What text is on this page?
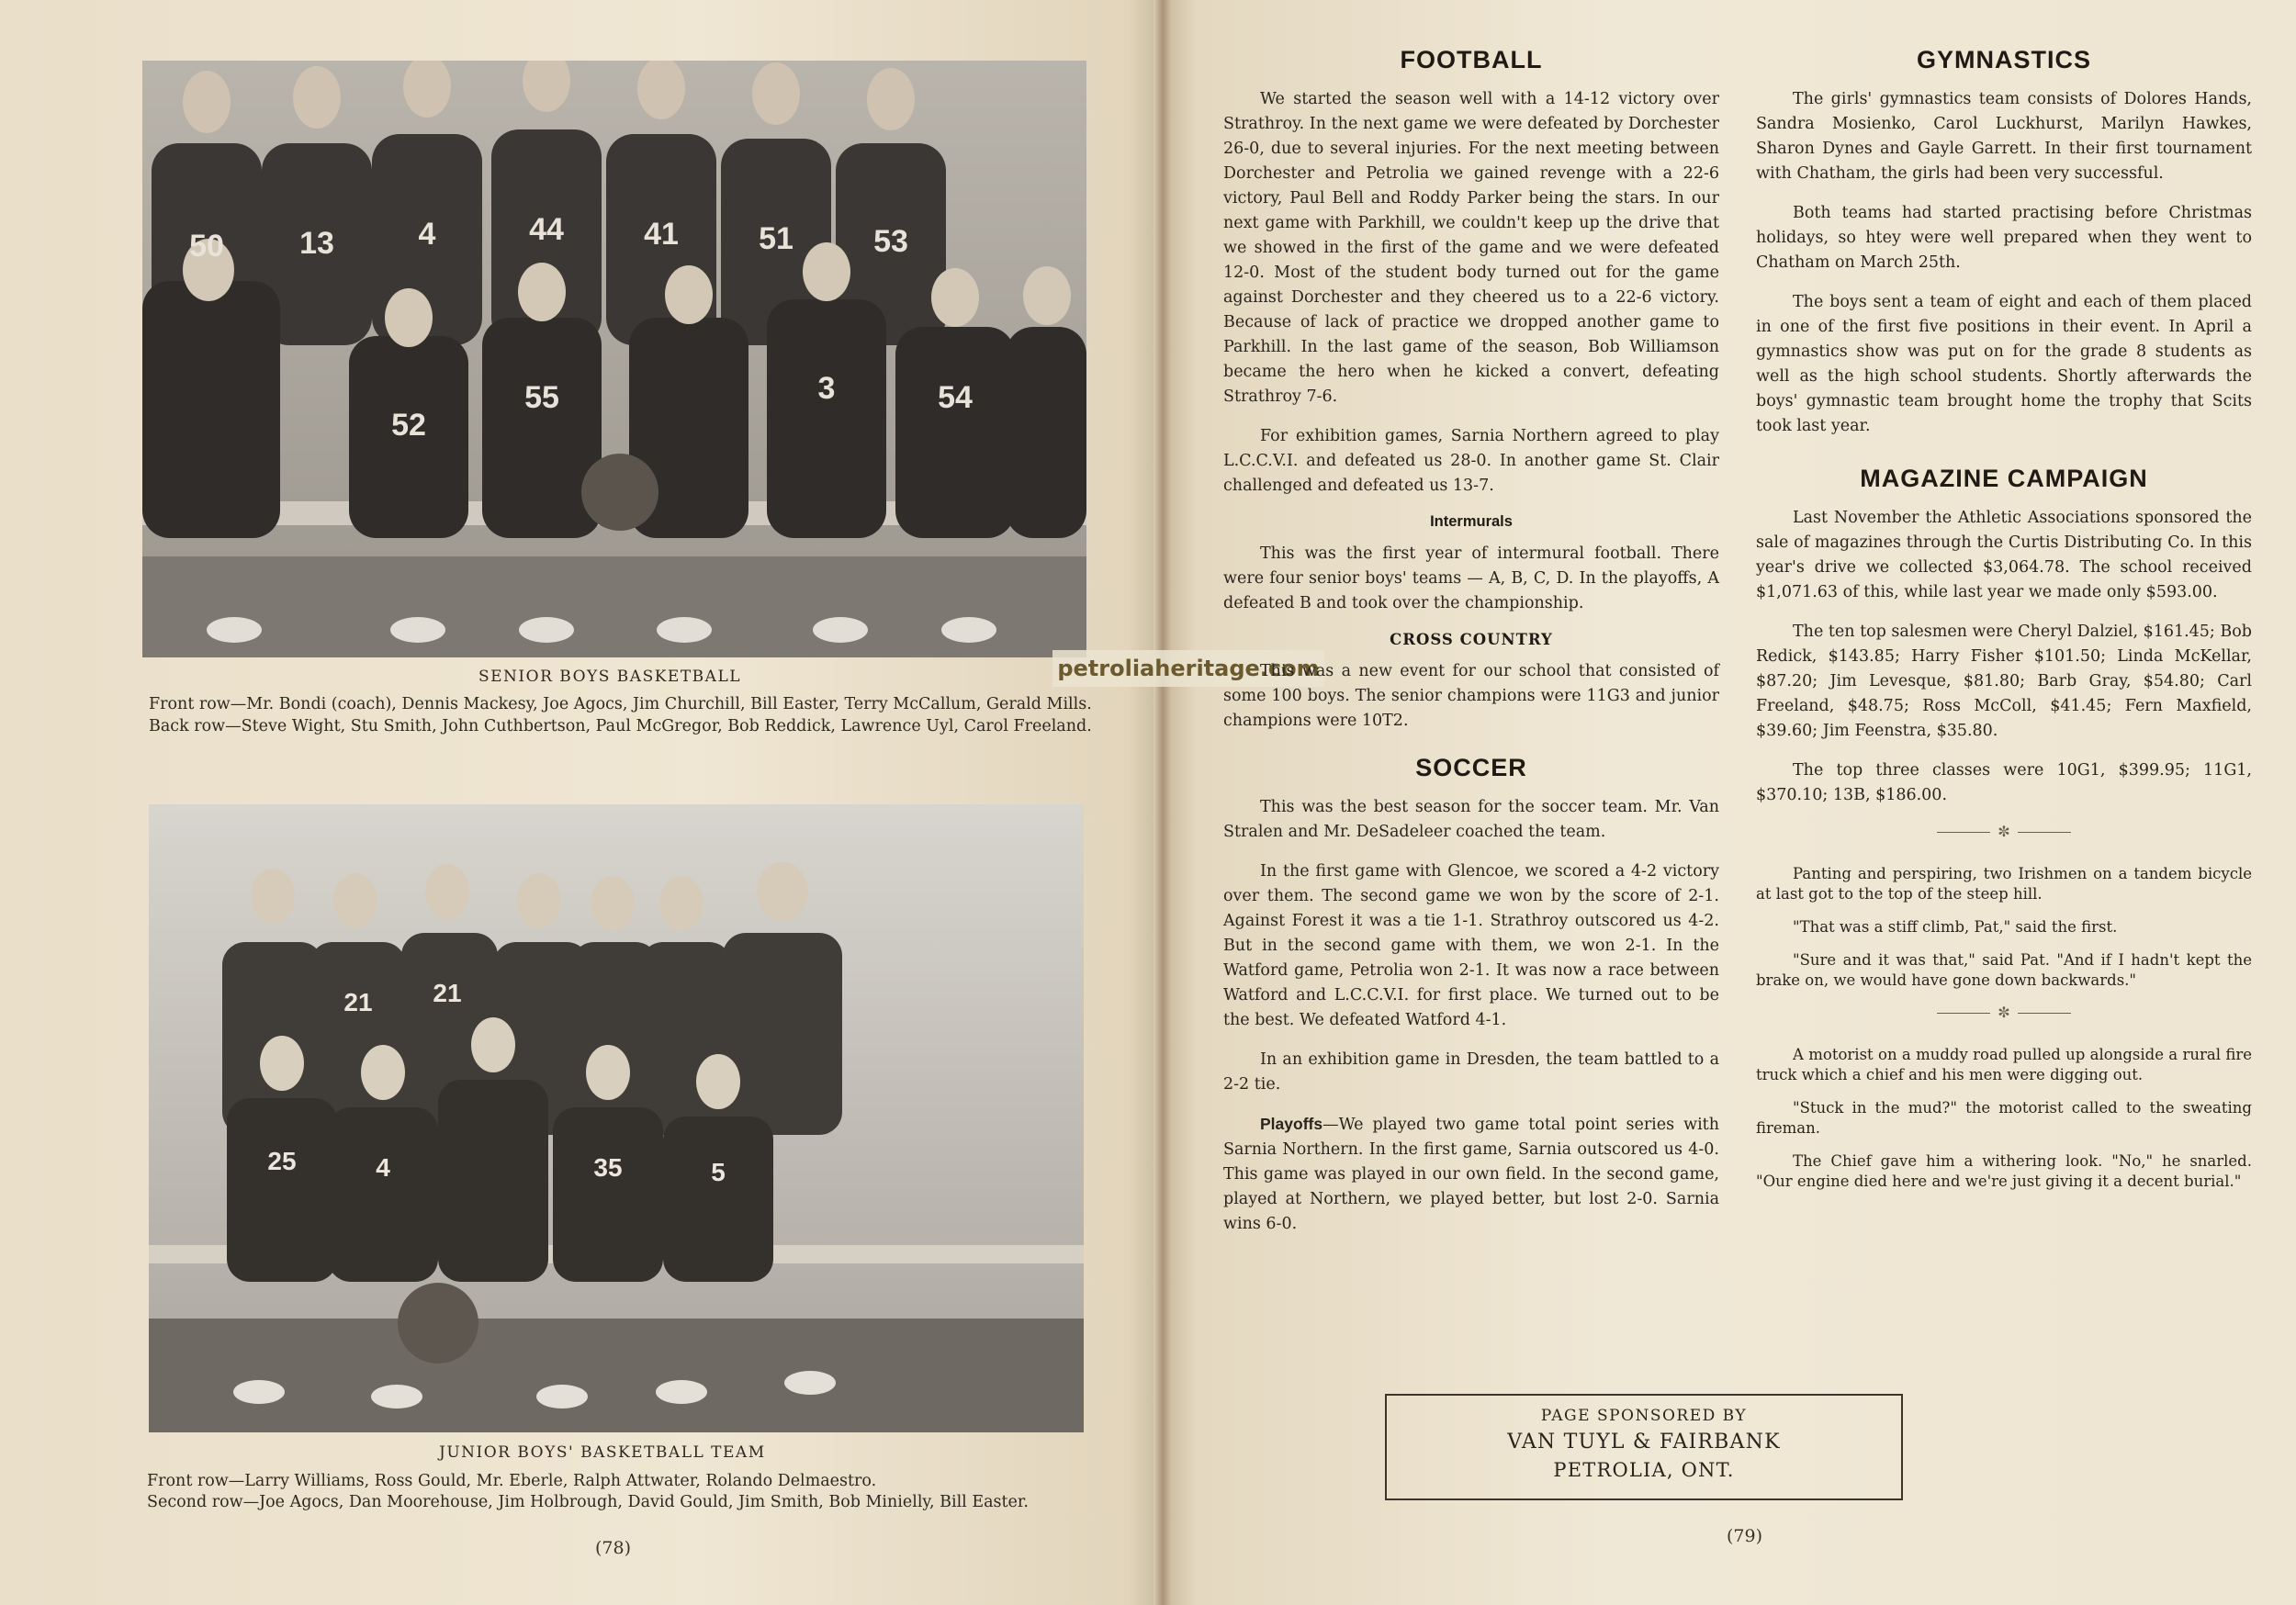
50 13	4	44	41	51	53
52
55	3	54
SENIOR BOYS BASKETBALL
Front row—Mr. Bondi (coach), Dennis Mackesy, Joe Agocs, Jim Churchill, Bill Easter, Terry McCallum, Gerald Mills.
Back row—Steve Wight, Stu Smith, John Cuthbertson, Paul McGregor, Bob Reddick, Lawrence Uyl, Carol Freeland.
21 21
25	4	35	5
JUNIOR BOYS' BASKETBALL TEAM
Front row—Larry Williams, Ross Gould, Mr. Eberle, Ralph Attwater, Rolando Delmaestro.
Second row—Joe Agocs, Dan Moorehouse, Jim Holbrough, David Gould, Jim Smith, Bob Minielly, Bill Easter.
(78)
petroliaheritage.com
FOOTBALL

We started the season well with a 14-12 victory over Strathroy. In the next game we were defeated by Dorchester 26-0, due to several injuries. For the next meeting between Dorchester and Petrolia we gained revenge with a 22-6 victory, Paul Bell and Roddy Parker being the stars. In our next game with Parkhill, we couldn't keep up the drive that we showed in the first of the game and we were defeated 12-0. Most of the student body turned out for the game against Dorchester and they cheered us to a 22-6 victory. Because of lack of practice we dropped another game to Parkhill. In the last game of the season, Bob Williamson became the hero when he kicked a convert, defeating Strathroy 7-6.

For exhibition games, Sarnia Northern agreed to play L.C.C.V.I. and defeated us 28-0. In another game St. Clair challenged and defeated us 13-7.

Intermurals

This was the first year of intermural football. There were four senior boys' teams — A, B, C, D. In the playoffs, A defeated B and took over the championship.

CROSS COUNTRY

This was a new event for our school that consisted of some 100 boys. The senior champions were 11G3 and junior champions were 10T2.

SOCCER

This was the best season for the soccer team. Mr. Van Stralen and Mr. DeSadeleer coached the team.

In the first game with Glencoe, we scored a 4-2 victory over them. The second game we won by the score of 2-1. Against Forest it was a tie 1-1. Strathroy outscored us 4-2. But in the second game with them, we won 2-1. In the Watford game, Petrolia won 2-1. It was now a race between Watford and L.C.C.V.I. for first place. We turned out to be the best. We defeated Watford 4-1.

In an exhibition game in Dresden, the team battled to a 2-2 tie.

Playoffs—We played two game total point series with Sarnia Northern. In the first game, Sarnia outscored us 4-0. This game was played in our own field. In the second game, played at Northern, we played better, but lost 2-0. Sarnia wins 6-0.

GYMNASTICS

The girls' gymnastics team consists of Dolores Hands, Sandra Mosienko, Carol Luckhurst, Marilyn Hawkes, Sharon Dynes and Gayle Garrett. In their first tournament with Chatham, the girls had been very successful.

Both teams had started practising before Christmas holidays, so htey were well prepared when they went to Chatham on March 25th.

The boys sent a team of eight and each of them placed in one of the first five positions in their event. In April a gymnastics show was put on for the grade 8 students as well as the high school students. Shortly afterwards the boys' gymnastic team brought home the trophy that Scits took last year.

MAGAZINE CAMPAIGN

Last November the Athletic Associations sponsored the sale of magazines through the Curtis Distributing Co. In this year's drive we collected $3,064.78. The school received $1,071.63 of this, while last year we made only $593.00.

The ten top salesmen were Cheryl Dalziel, $161.45; Bob Redick, $143.85; Harry Fisher $101.50; Linda McKellar, $87.20; Jim Levesque, $81.80; Barb Gray, $54.80; Carl Freeland, $48.75; Ross McColl, $41.45; Fern Maxfield, $39.60; Jim Feenstra, $35.80.

The top three classes were 10G1, $399.95; 11G1, $370.10; 13B, $186.00.

✼

Panting and perspiring, two Irishmen on a tandem bicycle at last got to the top of the steep hill.

"That was a stiff climb, Pat," said the first.

"Sure and it was that," said Pat. "And if I hadn't kept the brake on, we would have gone down backwards."

✼

A motorist on a muddy road pulled up alongside a rural fire truck which a chief and his men were digging out.

"Stuck in the mud?" the motorist called to the sweating fireman.

The Chief gave him a withering look. "No," he snarled. "Our engine died here and we're just giving it a decent burial."

PAGE SPONSORED BY
VAN TUYL & FAIRBANK
PETROLIA, ONT.
(79)
